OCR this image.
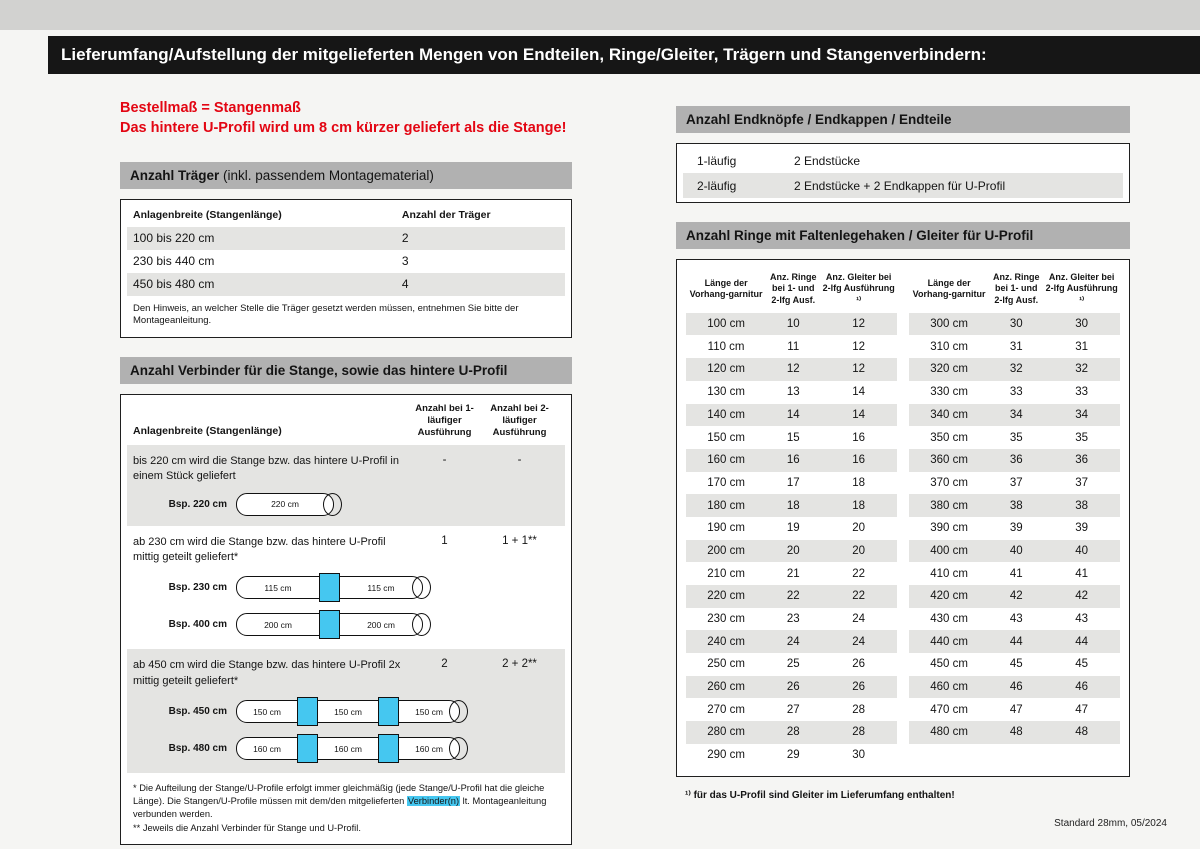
Lieferumfang/Aufstellung der mitgelieferten Mengen von Endteilen, Ringe/Gleiter, Trägern und Stangenverbindern:
Bestellmaß = Stangenmaß
Das hintere U-Profil wird um 8 cm kürzer geliefert als die Stange!
Anzahl Träger (inkl. passendem Montagematerial)
Anlagenbreite (Stangenlänge)	Anzahl der Träger
100 bis 220 cm	2
230 bis 440 cm	3
450 bis 480 cm	4
Den Hinweis, an welcher Stelle die Träger gesetzt werden müssen, entnehmen Sie bitte der Montageanleitung.
Anzahl Verbinder für die Stange, sowie das hintere U-Profil
Anlagenbreite (Stangenlänge)
Anzahl bei 1-läufiger Ausführung
Anzahl bei 2-läufiger Ausführung
bis 220 cm wird die Stange bzw. das hintere U-Profil in einem Stück geliefert
-	-
Bsp. 220 cm	220 cm
ab 230 cm wird die Stange bzw. das hintere U-Profil mittig geteilt geliefert*
1	1 + 1**
Bsp. 230 cm	115 cm	115 cm
Bsp. 400 cm	200 cm	200 cm
ab 450 cm wird die Stange bzw. das hintere U-Profil 2x mittig geteilt geliefert*
2	2 + 2**
Bsp. 450 cm	150 cm	150 cm	150 cm
Bsp. 480 cm	160 cm	160 cm	160 cm
* Die Aufteilung der Stange/U-Profile erfolgt immer gleichmäßig (jede Stange/U-Profil hat die gleiche Länge). Die Stangen/U-Profile müssen mit dem/den mitgelieferten Verbinder(n) lt. Montageanleitung verbunden werden.
** Jeweils die Anzahl Verbinder für Stange und U-Profil.
Anzahl Endknöpfe / Endkappen / Endteile
1-läufig	2 Endstücke
2-läufig	2 Endstücke + 2 Endkappen für U-Profil
Anzahl Ringe mit Faltenlegehaken / Gleiter für U-Profil
Länge der Vorhang-garnitur	Anz. Ringe bei 1- und 2-lfg Ausf.	Anz. Gleiter bei 2-lfg Ausführung ¹⁾
100 cm	10	12
110 cm	11	12
120 cm	12	12
130 cm	13	14
140 cm	14	14
150 cm	15	16
160 cm	16	16
170 cm	17	18
180 cm	18	18
190 cm	19	20
200 cm	20	20
210 cm	21	22
220 cm	22	22
230 cm	23	24
240 cm	24	24
250 cm	25	26
260 cm	26	26
270 cm	27	28
280 cm	28	28
290 cm	29	30
Länge der Vorhang-garnitur	Anz. Ringe bei 1- und 2-lfg Ausf.	Anz. Gleiter bei 2-lfg Ausführung ¹⁾
300 cm	30	30
310 cm	31	31
320 cm	32	32
330 cm	33	33
340 cm	34	34
350 cm	35	35
360 cm	36	36
370 cm	37	37
380 cm	38	38
390 cm	39	39
400 cm	40	40
410 cm	41	41
420 cm	42	42
430 cm	43	43
440 cm	44	44
450 cm	45	45
460 cm	46	46
470 cm	47	47
480 cm	48	48
¹⁾ für das U-Profil sind Gleiter im Lieferumfang enthalten!
Standard 28mm, 05/2024
